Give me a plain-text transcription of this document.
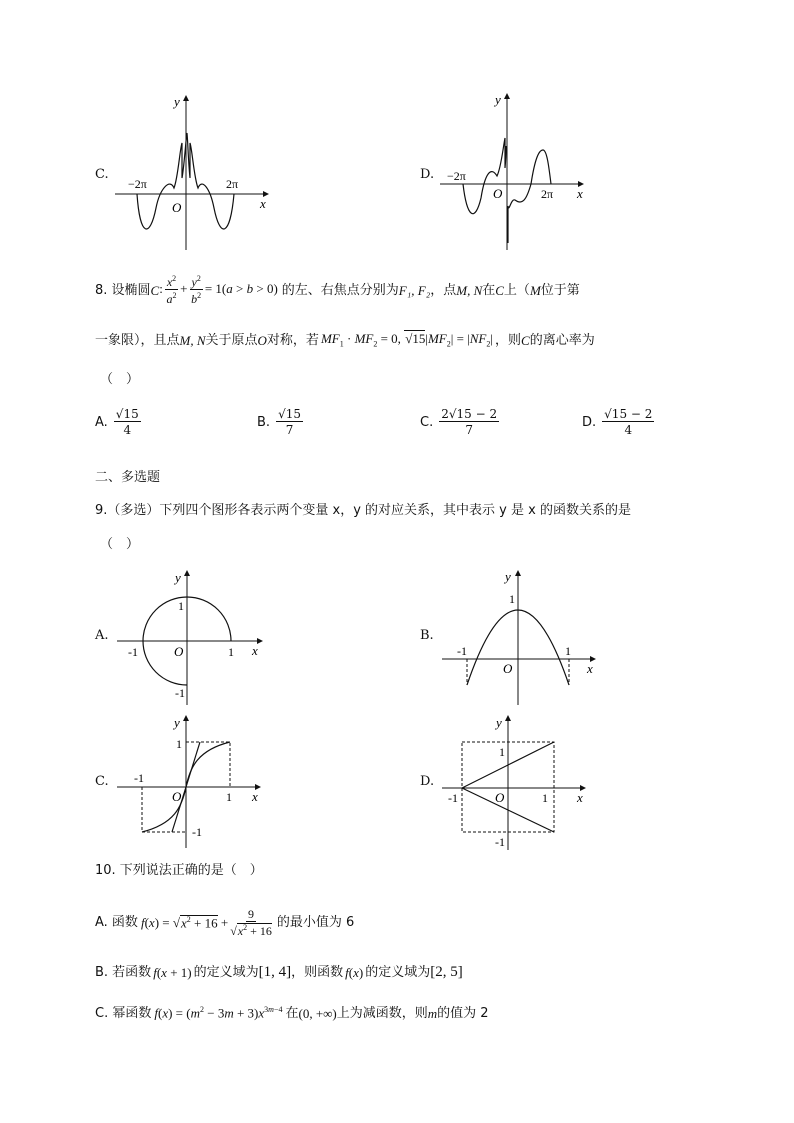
C.
y
x
O
−2π	2π
D.
y
x
O
−2π
2π
8. 设椭圆 C : $\frac{x^2}{a^2} + \frac{y^2}{b^2} = 1(a > b > 0)$ 的左、右焦点分别为 F₁, F₂ ，点 M, N 在 C 上（ M 位于第
一象限），且点 M, N 关于原点 O 对称，若 $MF_1 \cdot MF_2 = 0$, $√15|MF_2| = |NF_2|$ ，则 C 的离心率为
（　）
A. $\frac{√15}{4}$	B. $\frac{√15}{7}$	C. $\frac{2√15 - 2}{7}$	D. $\frac{√15 - 2}{4}$
二、多选题
9.（多选）下列四个图形各表示两个变量 x，y 的对应关系，其中表示 y 是 x 的函数关系的是
（　）
A.
y
x
O
1
-1	1
-1
B.
y
x
O
1
-1	1
C.
y
x
O
1
-1
1
-1
D.
y
x
O
1
-1	1
-1
10. 下列说法正确的是（　）
A. 函数 f ( x ) = √ $x^2 + 16 + \frac{9}{√x^2 + 16}$ 的最小值为 6
B. 若函数 f(x + 1) 的定义域为 [1, 4] ，则函数 f(x) 的定义域为 [2, 5]
C. 幂函数 $f(x) = (m^2 - 3m + 3)x^{3m-4}$ 在 (0, +∞) 上为减函数，则 m 的值为 2
